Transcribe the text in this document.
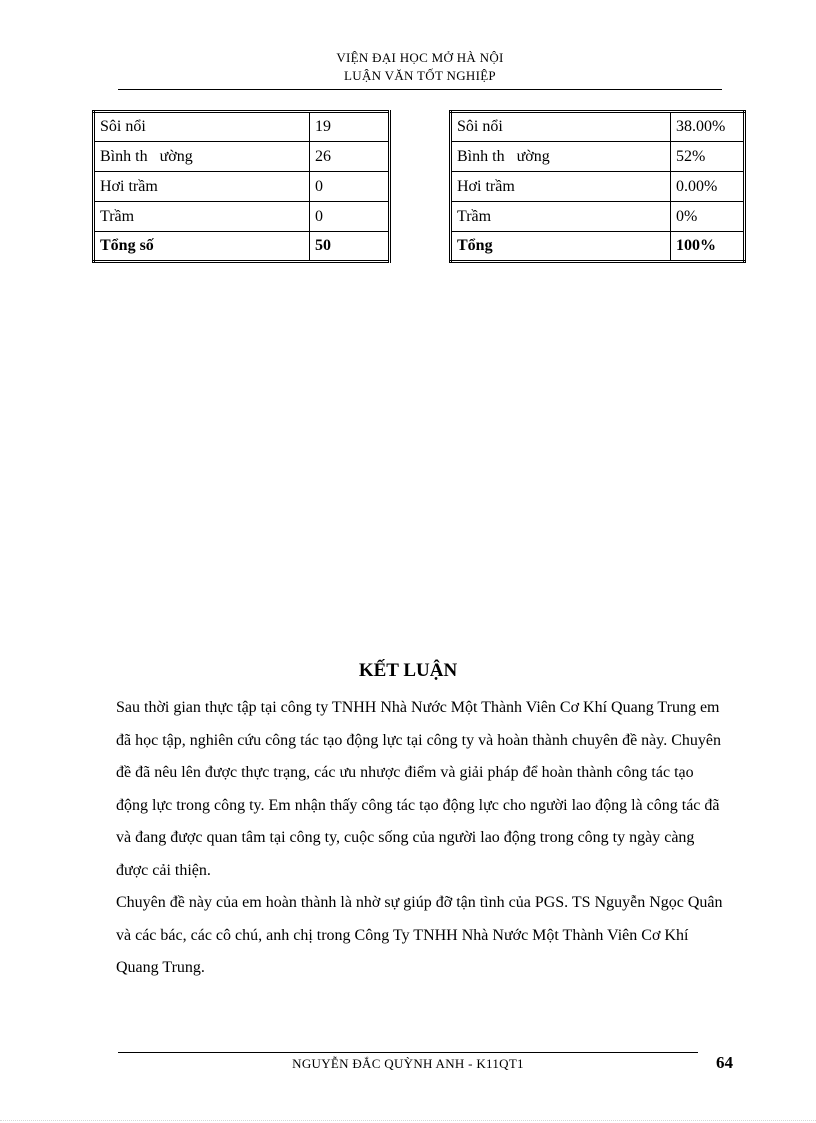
VIỆN ĐẠI HỌC MỞ HÀ NỘI
LUẬN VĂN TỐT NGHIỆP
Sôi nổi	19
Bình th   ường	26
Hơi trầm	0
Trầm	0
Tổng số	50
Sôi nổi	38.00%
Bình th   ường	52%
Hơi trầm	0.00%
Trầm	0%
Tổng	100%
KẾT LUẬN

Sau thời gian thực tập tại công ty TNHH Nhà Nước Một Thành Viên Cơ Khí Quang Trung em đã học tập, nghiên cứu công tác tạo động lực tại công ty và hoàn thành chuyên đề này. Chuyên đề đã nêu lên được thực trạng, các ưu nhược điểm và giải pháp để hoàn thành công tác tạo động lực trong công ty. Em nhận thấy công tác tạo động lực cho người lao động là công tác đã và đang được quan tâm tại công ty, cuộc sống của người lao động trong công ty ngày càng được cải thiện.

Chuyên đề này của em hoàn thành là nhờ sự giúp đỡ tận tình của PGS. TS Nguyễn Ngọc Quân và các bác, các cô chú, anh chị trong Công Ty TNHH Nhà Nước Một Thành Viên Cơ Khí Quang Trung.

NGUYỄN ĐẮC QUỲNH ANH - K11QT1	64
